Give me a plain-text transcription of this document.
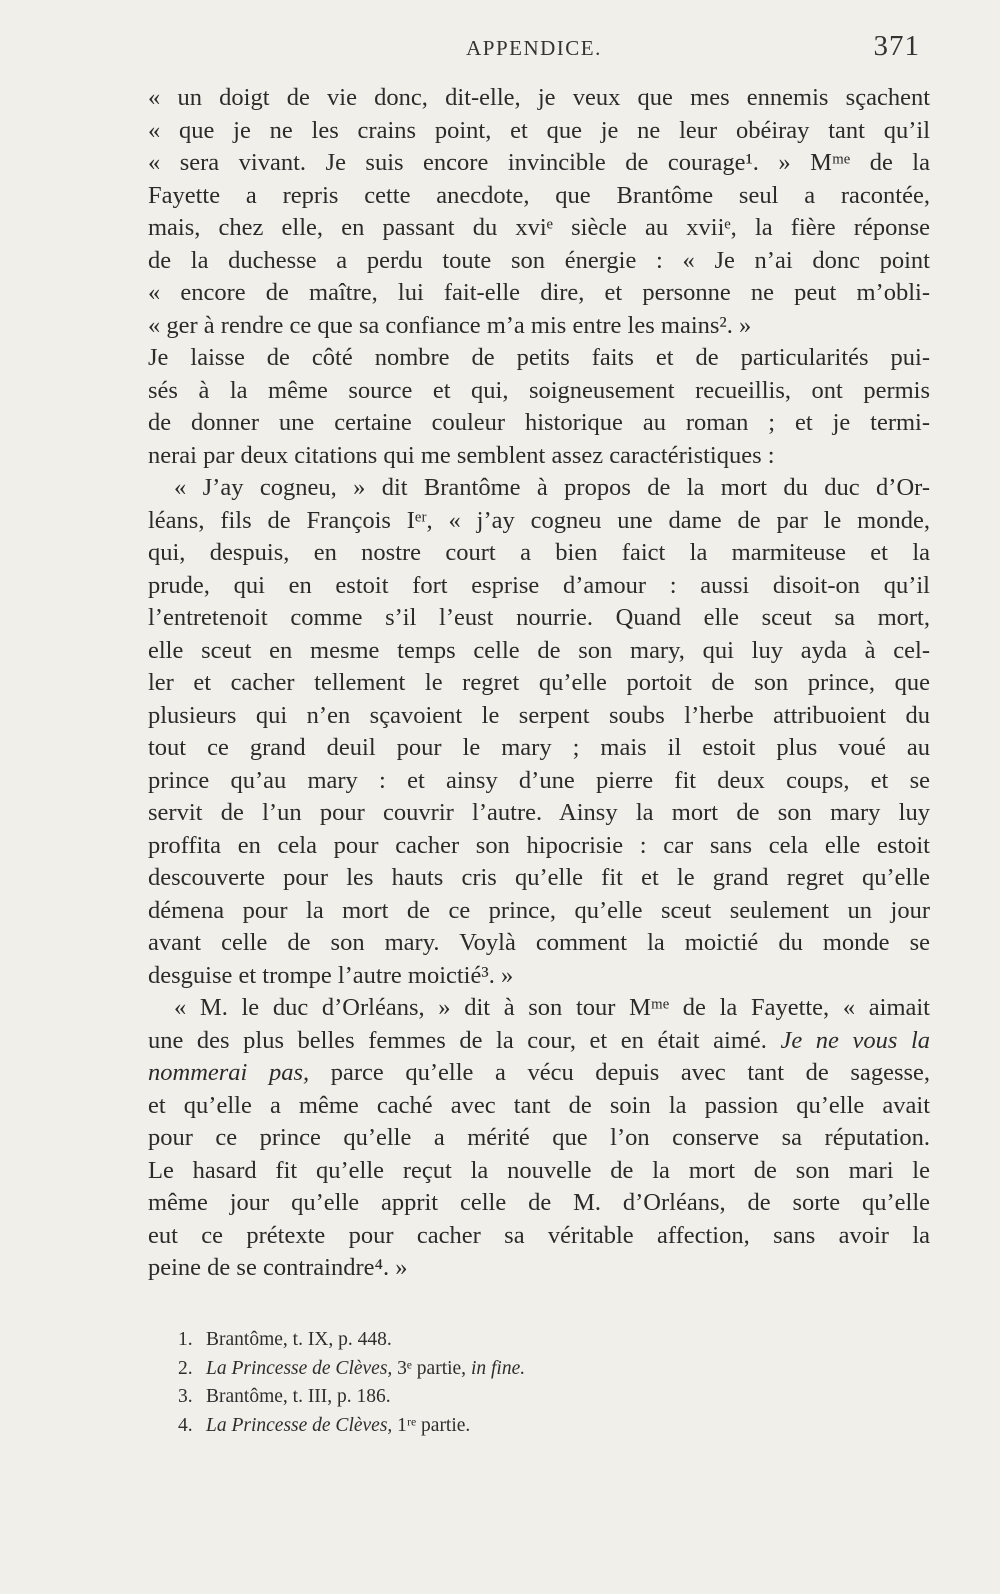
APPENDICE.	371
« un doigt de vie donc, dit-elle, je veux que mes ennemis sçachent
« que je ne les crains point, et que je ne leur obéiray tant qu’il
« sera vivant. Je suis encore invincible de courage¹. » Mᵐᵉ de la
Fayette a repris cette anecdote, que Brantôme seul a racontée,
mais, chez elle, en passant du xviᵉ siècle au xviiᵉ, la fière réponse
de la duchesse a perdu toute son énergie : « Je n’ai donc point
« encore de maître, lui fait-elle dire, et personne ne peut m’obli-
« ger à rendre ce que sa confiance m’a mis entre les mains². »
Je laisse de côté nombre de petits faits et de particularités pui-
sés à la même source et qui, soigneusement recueillis, ont permis
de donner une certaine couleur historique au roman ; et je termi-
nerai par deux citations qui me semblent assez caractéristiques :
« J’ay cogneu, » dit Brantôme à propos de la mort du duc d’Or-
léans, fils de François Iᵉʳ, « j’ay cogneu une dame de par le monde,
qui, despuis, en nostre court a bien faict la marmiteuse et la
prude, qui en estoit fort esprise d’amour : aussi disoit-on qu’il
l’entretenoit comme s’il l’eust nourrie. Quand elle sceut sa mort,
elle sceut en mesme temps celle de son mary, qui luy ayda à cel-
ler et cacher tellement le regret qu’elle portoit de son prince, que
plusieurs qui n’en sçavoient le serpent soubs l’herbe attribuoient du
tout ce grand deuil pour le mary ; mais il estoit plus voué au
prince qu’au mary : et ainsy d’une pierre fit deux coups, et se
servit de l’un pour couvrir l’autre. Ainsy la mort de son mary luy
proffita en cela pour cacher son hipocrisie : car sans cela elle estoit
descouverte pour les hauts cris qu’elle fit et le grand regret qu’elle
démena pour la mort de ce prince, qu’elle sceut seulement un jour
avant celle de son mary. Voylà comment la moictié du monde se
desguise et trompe l’autre moictié³. »
« M. le duc d’Orléans, » dit à son tour Mᵐᵉ de la Fayette, « aimait
une des plus belles femmes de la cour, et en était aimé. Je ne vous la
nommerai pas, parce qu’elle a vécu depuis avec tant de sagesse,
et qu’elle a même caché avec tant de soin la passion qu’elle avait
pour ce prince qu’elle a mérité que l’on conserve sa réputation.
Le hasard fit qu’elle reçut la nouvelle de la mort de son mari le
même jour qu’elle apprit celle de M. d’Orléans, de sorte qu’elle
eut ce prétexte pour cacher sa véritable affection, sans avoir la
peine de se contraindre⁴. »
1. Brantôme, t. IX, p. 448.
2. La Princesse de Clèves, 3ᵉ partie, in fine.
3. Brantôme, t. III, p. 186.
4. La Princesse de Clèves, 1ʳᵉ partie.
